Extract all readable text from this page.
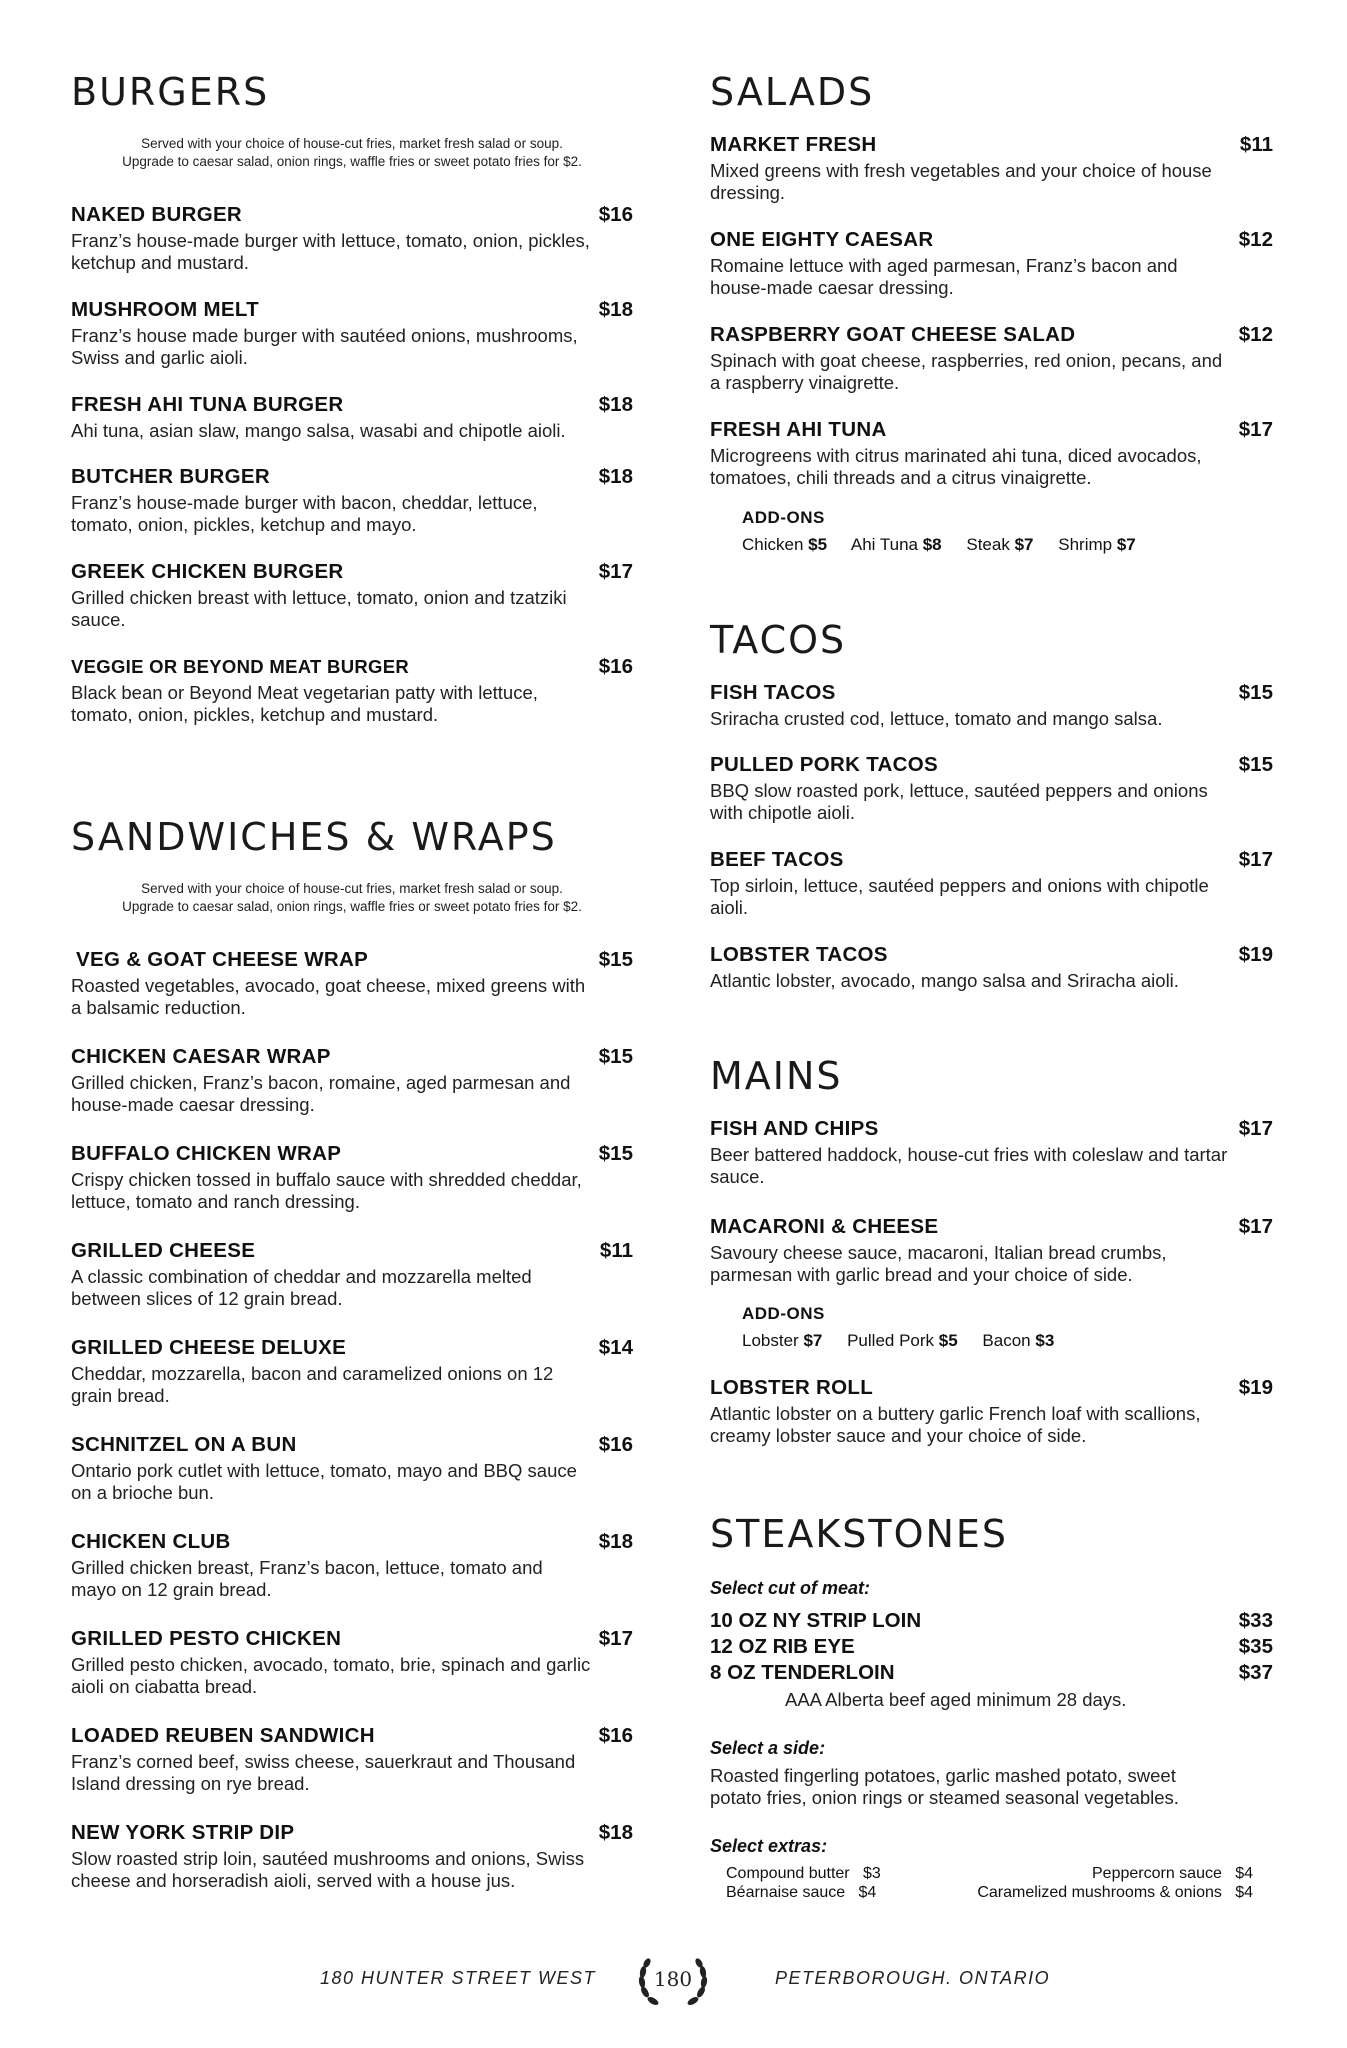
BURGERS
Served with your choice of house-cut fries, market fresh salad or soup.
Upgrade to caesar salad, onion rings, waffle fries or sweet potato fries for $2.
NAKED BURGER	$16
Franz’s house-made burger with lettuce, tomato, onion, pickles, ketchup and mustard.
MUSHROOM MELT	$18
Franz’s house made burger with sautéed onions, mushrooms, Swiss and garlic aioli.
FRESH AHI TUNA BURGER	$18
Ahi tuna, asian slaw, mango salsa, wasabi and chipotle aioli.
BUTCHER BURGER	$18
Franz’s house-made burger with bacon, cheddar, lettuce, tomato, onion, pickles, ketchup and mayo.
GREEK CHICKEN BURGER	$17
Grilled chicken breast with lettuce, tomato, onion and tzatziki sauce.
VEGGIE OR BEYOND MEAT BURGER	$16
Black bean or Beyond Meat vegetarian patty with lettuce, tomato, onion, pickles, ketchup and mustard.
SANDWICHES & WRAPS
Served with your choice of house-cut fries, market fresh salad or soup.
Upgrade to caesar salad, onion rings, waffle fries or sweet potato fries for $2.
VEG & GOAT CHEESE WRAP	$15
Roasted vegetables, avocado, goat cheese, mixed greens with a balsamic reduction.
CHICKEN CAESAR WRAP	$15
Grilled chicken, Franz’s bacon, romaine, aged parmesan and house-made caesar dressing.
BUFFALO CHICKEN WRAP	$15
Crispy chicken tossed in buffalo sauce with shredded cheddar, lettuce, tomato and ranch dressing.
GRILLED CHEESE	$11
A classic combination of cheddar and mozzarella melted between slices of 12 grain bread.
GRILLED CHEESE DELUXE	$14
Cheddar, mozzarella, bacon and caramelized onions on 12 grain bread.
SCHNITZEL ON A BUN	$16
Ontario pork cutlet with lettuce, tomato, mayo and BBQ sauce on a brioche bun.
CHICKEN CLUB	$18
Grilled chicken breast, Franz’s bacon, lettuce, tomato and mayo on 12 grain bread.
GRILLED PESTO CHICKEN	$17
Grilled pesto chicken, avocado, tomato, brie, spinach and garlic aioli on ciabatta bread.
LOADED REUBEN SANDWICH	$16
Franz’s corned beef, swiss cheese, sauerkraut and Thousand Island dressing on rye bread.
NEW YORK STRIP DIP	$18
Slow roasted strip loin, sautéed mushrooms and onions, Swiss cheese and horseradish aioli, served with a house jus.
SALADS
MARKET FRESH	$11
Mixed greens with fresh vegetables and your choice of house dressing.
ONE EIGHTY CAESAR	$12
Romaine lettuce with aged parmesan, Franz’s bacon and house-made caesar dressing.
RASPBERRY GOAT CHEESE SALAD	$12
Spinach with goat cheese, raspberries, red onion, pecans, and a raspberry vinaigrette.
FRESH AHI TUNA	$17
Microgreens with citrus marinated ahi tuna, diced avocados, tomatoes, chili threads and a citrus vinaigrette.
ADD-ONS
Chicken $5 Ahi Tuna $8 Steak $7 Shrimp $7
TACOS
FISH TACOS	$15
Sriracha crusted cod, lettuce, tomato and mango salsa.
PULLED PORK TACOS	$15
BBQ slow roasted pork, lettuce, sautéed peppers and onions with chipotle aioli.
BEEF TACOS	$17
Top sirloin, lettuce, sautéed peppers and onions with chipotle aioli.
LOBSTER TACOS	$19
Atlantic lobster, avocado, mango salsa and Sriracha aioli.
MAINS
FISH AND CHIPS	$17
Beer battered haddock, house-cut fries with coleslaw and tartar sauce.
MACARONI & CHEESE	$17
Savoury cheese sauce, macaroni, Italian bread crumbs, parmesan with garlic bread and your choice of side.
ADD-ONS
Lobster $7 Pulled Pork $5 Bacon $3
LOBSTER ROLL	$19
Atlantic lobster on a buttery garlic French loaf with scallions, creamy lobster sauce and your choice of side.
STEAKSTONES
Select cut of meat:
10 OZ NY STRIP LOIN	$33
12 OZ RIB EYE	$35
8 OZ TENDERLOIN	$37
AAA Alberta beef aged minimum 28 days.
Select a side:
Roasted fingerling potatoes, garlic mashed potato, sweet potato fries, onion rings or steamed seasonal vegetables.
Select extras:
Compound butter $3
Béarnaise sauce $4
Peppercorn sauce $4
Caramelized mushrooms & onions $4
180 HUNTER STREET WEST	180	PETERBOROUGH. ONTARIO
